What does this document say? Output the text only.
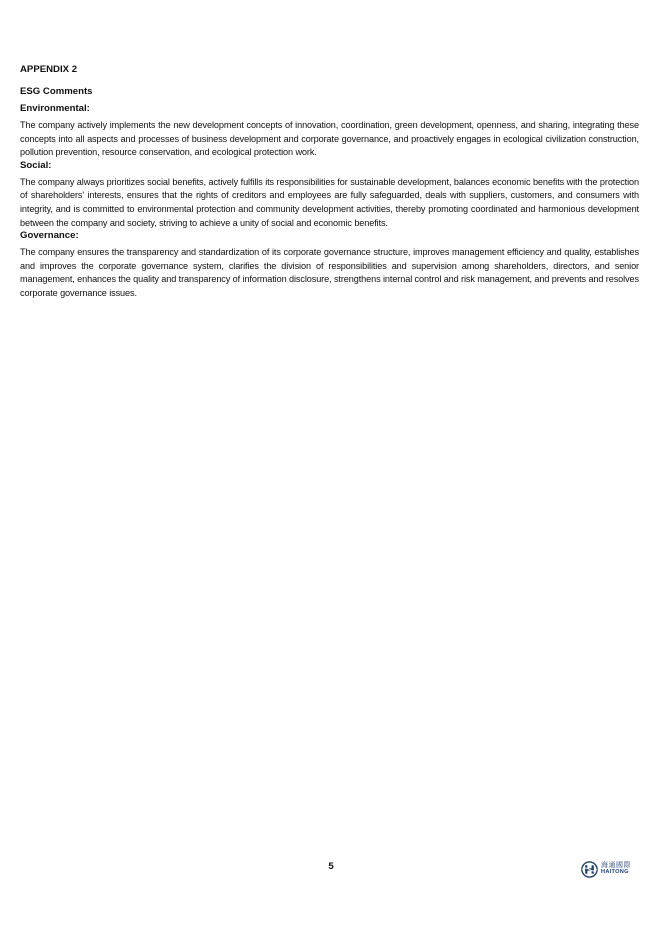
APPENDIX 2
ESG Comments
Environmental:

The company actively implements the new development concepts of innovation, coordination, green development, openness, and sharing, integrating these concepts into all aspects and processes of business development and corporate governance, and proactively engages in ecological civilization construction, pollution prevention, resource conservation, and ecological protection work.

Social:

The company always prioritizes social benefits, actively fulfills its responsibilities for sustainable development, balances economic benefits with the protection of shareholders' interests, ensures that the rights of creditors and employees are fully safeguarded, deals with suppliers, customers, and consumers with integrity, and is committed to environmental protection and community development activities, thereby promoting coordinated and harmonious development between the company and society, striving to achieve a unity of social and economic benefits.

Governance:

The company ensures the transparency and standardization of its corporate governance structure, improves management efficiency and quality, establishes and improves the corporate governance system, clarifies the division of responsibilities and supervision among shareholders, directors, and senior management, enhances the quality and transparency of information disclosure, strengthens internal control and risk management, and prevents and resolves corporate governance issues.

5	海通國際
HAITONG
